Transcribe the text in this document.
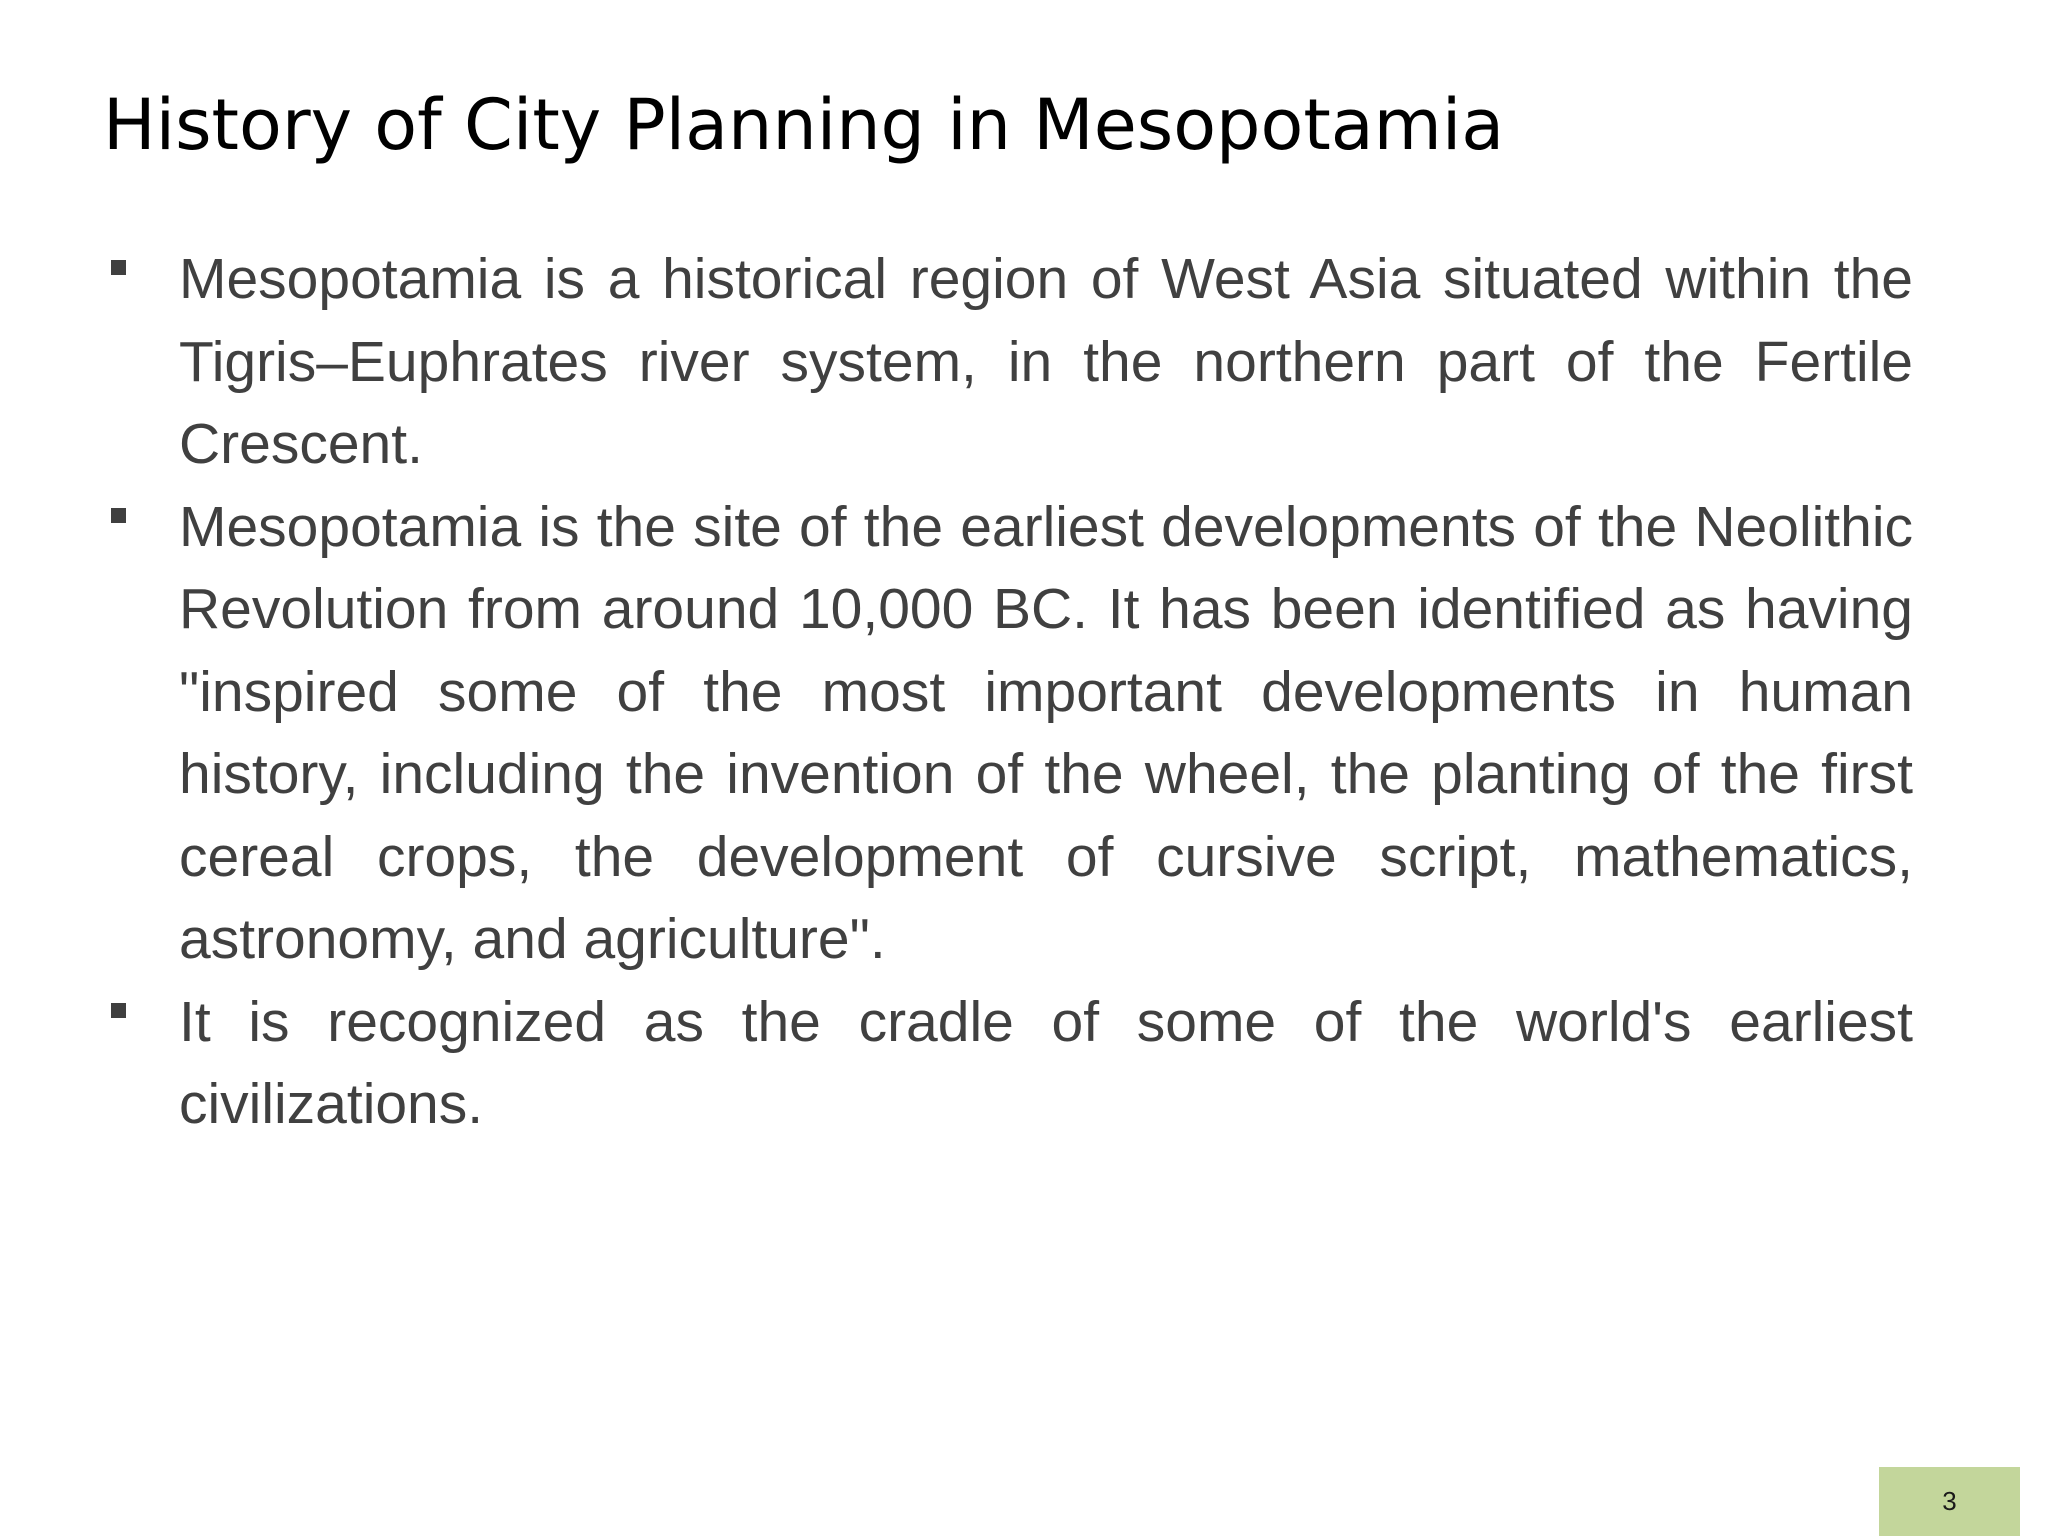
History of City Planning in Mesopotamia
Mesopotamia is a historical region of West Asia situated within the Tigris–Euphrates river system, in the northern part of the Fertile Crescent.
Mesopotamia is the site of the earliest developments of the Neolithic Revolution from around 10,000 BC. It has been identified as having "inspired some of the most important developments in human history, including the invention of the wheel, the planting of the first cereal crops, the development of cursive script, mathematics, astronomy, and agriculture".
It is recognized as the cradle of some of the world's earliest civilizations.
3
